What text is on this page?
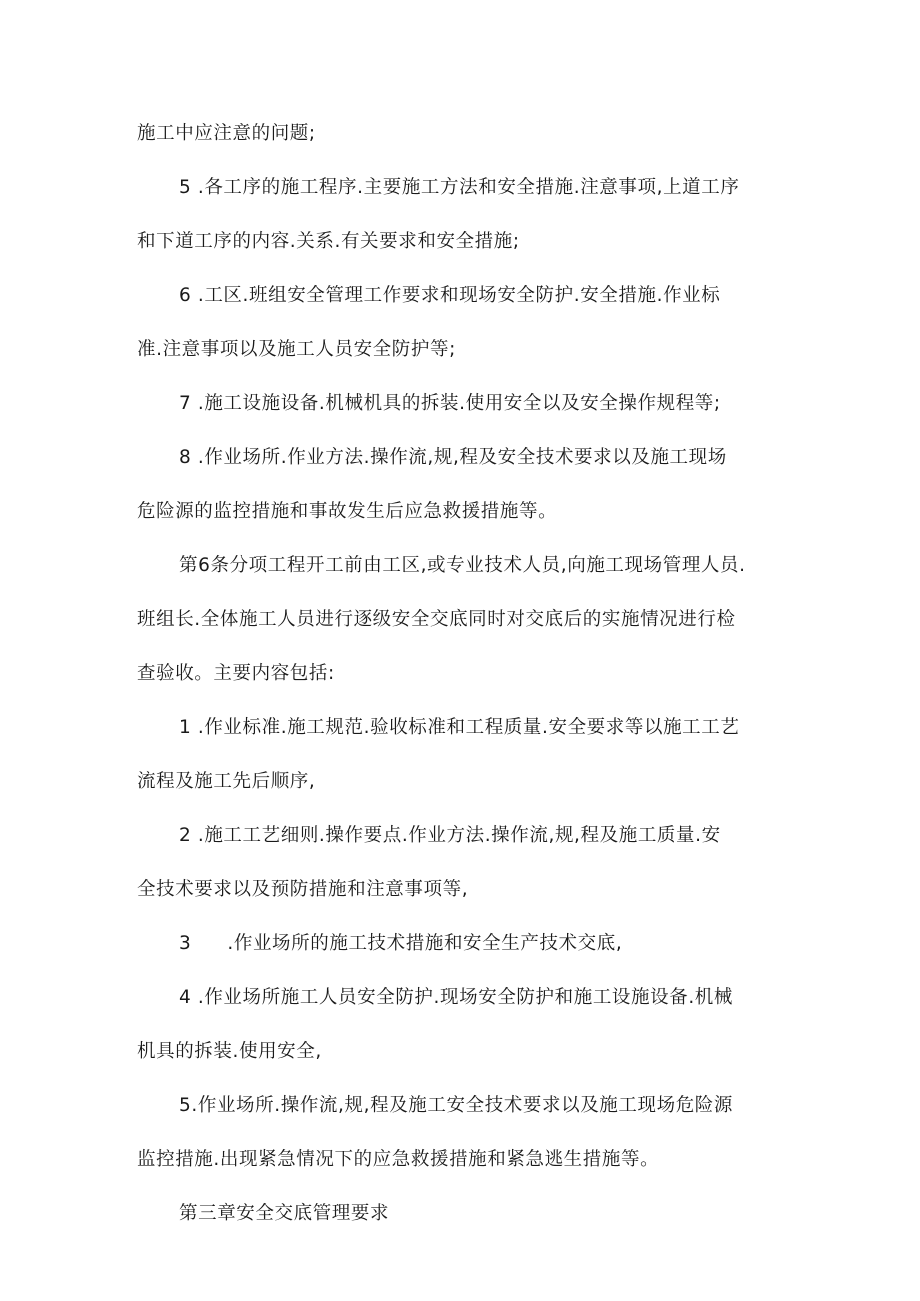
施工中应注意的问题;
5 .各工序的施工程序.主要施工方法和安全措施.注意事项,上道工序
和下道工序的内容.关系.有关要求和安全措施;
6 .工区.班组安全管理工作要求和现场安全防护.安全措施.作业标
准.注意事项以及施工人员安全防护等;
7 .施工设施设备.机械机具的拆装.使用安全以及安全操作规程等;
8 .作业场所.作业方法.操作流,规,程及安全技术要求以及施工现场
危险源的监控措施和事故发生后应急救援措施等。
第6条分项工程开工前由工区,或专业技术人员,向施工现场管理人员.
班组长.全体施工人员进行逐级安全交底同时对交底后的实施情况进行检
查验收。主要内容包括:
1 .作业标准.施工规范.验收标准和工程质量.安全要求等以施工工艺
流程及施工先后顺序,
2 .施工工艺细则.操作要点.作业方法.操作流,规,程及施工质量.安
全技术要求以及预防措施和注意事项等,
3 .作业场所的施工技术措施和安全生产技术交底,
4 .作业场所施工人员安全防护.现场安全防护和施工设施设备.机械
机具的拆装.使用安全,
5.作业场所.操作流,规,程及施工安全技术要求以及施工现场危险源
监控措施.出现紧急情况下的应急救援措施和紧急逃生措施等。
第三章安全交底管理要求
